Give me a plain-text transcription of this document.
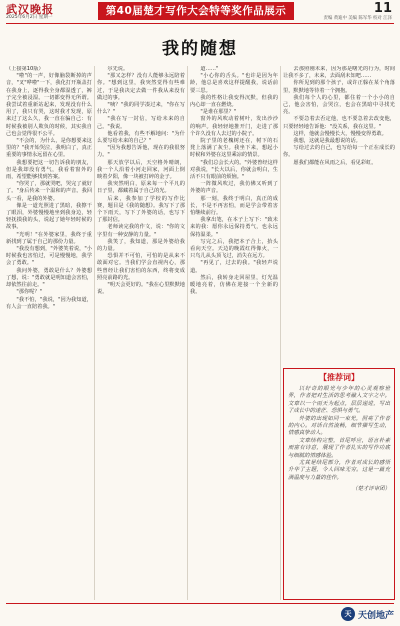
武汉晚报
2025年6月2日 星期一
第40届楚才写作大会特等奖作品展示	11
责编 黄迪中 美编 陈军华 校对 江泽
我的随想

（上接第10版）

"啦"的一声，好像脑袋断掉的声音，"叉"哗啦"一下，我化打开瓶盖打在我身上，逐得我全身都湿透了，裤子完全被浸湿。一切都变得无所谓。我尝试着重新站起来，发现没有什么用了，我只有哭，这时我才发现，原来过了这么久，我一直在骗自己：有时候我被别人欺负的时候，其实我自己也会觉得很不公平。

"不会的，为什么，是你想要来这里的？"我开始哭泣，我明白了，真正重要的事情永远留在心里。

我想要把这一切告诉我的朋友，但是我却没有勇气，我看着窗外的雨，希望能够找到答案。

"你哭了，那就哭吧，哭完了就好了。"身后传来一个温和的声音。我回头一看，是我的外婆。

像是一道光照进了黑暗，我擦干了眼泪，外婆慢慢地坐到我身边，轻轻抚摸我的头，说起了她年轻时候的故事。

"光明！"在外婆家里，我终于重新找到了属于自己的那份力量。

"我没有想到，"外婆笑着说，"小时候我也害怕过，可是慢慢地，我学会了勇敢。"

我问外婆，勇敢是什么？外婆想了想，说："勇敢就是明知道会害怕，却依然往前走。"

"那你呢？"

"我不怕，"我说，"因为我知道，有人会一直陪着我。"

尔先说。

"那又怎样？没有人能够永远陪着你。"想到这里，我突然觉得有些难过，于是我决定去做一件我从来没有做过的事。

"咦？"我的同学凑过来，"你在写什么？"

"我在写一封信，写给未来的自己。"我说。

他看着我，有些不解地问："为什么要写给未来的自己？"

"因为我想告诉他，现在的我很努力。"

那天放学以后，天空格外晴朗，我一个人沿着小河走回家，河面上倒映着夕阳，像一块被打碎的金子。

我突然明白，原来每一个平凡的日子里，都藏着属于自己的光。

后来，我参加了学校的写作比赛，题目是《我的随想》。我写下了那个下雨天，写下了外婆的话，也写下了那封信。

老师读完我的作文，说："你的文字里有一种安静的力量。"

我笑了，我知道，那是外婆给我的力量。

恐惧并不可怕，可怕的是从来不敢面对它。当我们学会直视内心，那些曾经让我们害怕的东西，终将变成照亮前路的光。

"明天会更好的。"我在心里默默地说。

道……"

"小心你的舌头。"也许是因为年龄，他总是喜欢这样提醒我，说话前要三思。

我的性格让我变得沉默，但我的内心却一直在燃烧。

"是谁在那里？"

窗外的风吹动着树叶，发出沙沙的响声。我轻轻地推开门，走进了那个许久没有人去过的小院子。

院子里的老槐树还在，树下的石凳上落满了灰尘。我坐下来，想起小时候和外婆在这里乘凉的情景。

"我们总会长大的。"外婆曾经这样对我说，"长大以后，你就会明白，生活不只有眼前的烦恼。"

一阵微风吹过，我仿佛又听到了外婆的声音。

那一刻，我终于明白，真正的成长，不是不再害怕，而是学会带着害怕继续前行。

我拿出笔，在本子上写下："致未来的我：愿你永远保持勇气，也永远保持温柔。"

写完之后，我把本子合上，抬头看向天空。天边的晚霞红得像火，一只鸟儿从头顶飞过，消失在远方。

"再见了，过去的我。"我轻声说道。

然后，我转身走回屋里，灯光温暖地亮着，仿佛在迎接一个全新的我。

去那照刚未来，因为那是曙光的行为，时间让我不多了，未来，去面刮未知吧……

你所见到的那个孩子，或许正躲在某个角落里，默默地等待着一个拥抱。

我们每个人的心里，都住着一个小小的自己，他会害怕，会哭泣，也会在黑暗中寻找光亮。

不要急着去否定他，也不要急着去改变他，只要轻轻地告诉他："没关系，我在这里。"

这样，他就会慢慢长大，慢慢变得勇敢。

我想，这就是我最想说的话。

写给过去的自己，也写给每一个正在成长的你。

愿我们都能在风雨之后，看见彩虹。

【推荐词】

以好奇的眼光与少年的心灵观察世界，作者把对生活的思考融入文字之中。文章以一个雨天为起点，层层递进，写出了成长中的迷茫、恐惧与勇气。

外婆的出现如同一束光，照亮了作者的内心。对话自然流畅，细节描写生动，情感真挚动人。

文章结构完整，首尾呼应，语言朴素而富有诗意，展现了作者扎实的写作功底与细腻的情感体验。

尤其是结尾部分，作者对成长的感悟升华了主题，令人回味无穷。这是一篇充满温度与力量的佳作。

（楚才评审团）
天 天创地产
